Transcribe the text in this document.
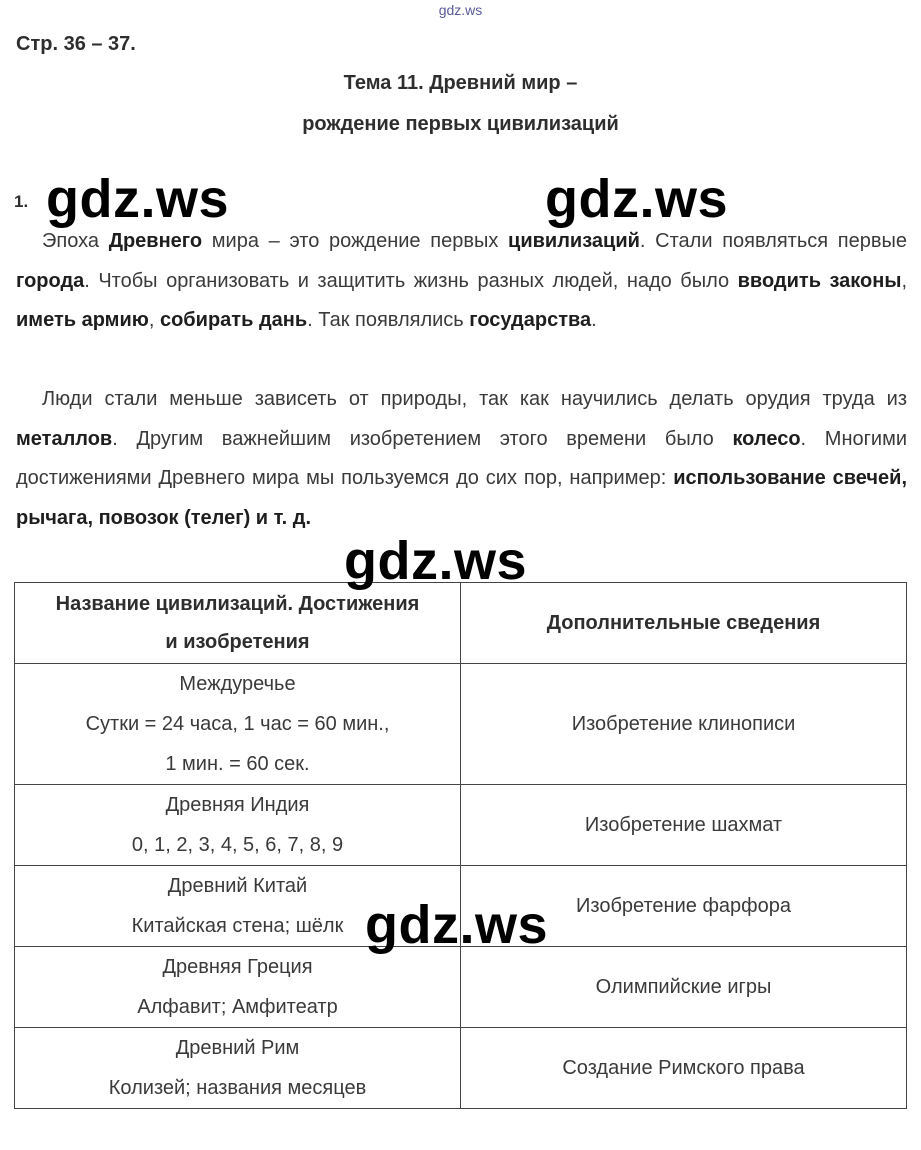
gdz.ws
Стр. 36 – 37.
Тема 11. Древний мир –
рождение первых цивилизаций
1. gdz.ws	gdz.ws
Эпоха Древнего мира – это рождение первых цивилизаций. Стали появляться первые города. Чтобы организовать и защитить жизнь разных людей, надо было вводить законы, иметь армию, собирать дань. Так появлялись государства.
Люди стали меньше зависеть от природы, так как научились делать орудия труда из металлов. Другим важнейшим изобретением этого времени было колесо. Многими достижениями Древнего мира мы пользуемся до сих пор, например: использование свечей, рычага, повозок (телег) и т. д.
Название цивилизаций. Достижения
и изобретения	Дополнительные сведения

Междуречье
Сутки = 24 часа, 1 час = 60 мин.,
1 мин. = 60 сек.	Изобретение клинописи

Древняя Индия
0, 1, 2, 3, 4, 5, 6, 7, 8, 9	Изобретение шахмат

Древний Китай
Китайская стена; шёлк	Изобретение фарфора

Древняя Греция
Алфавит; Амфитеатр	Олимпийские игры

Древний Рим
Колизей; названия месяцев	Создание Римского права
gdz.ws
gdz.ws
